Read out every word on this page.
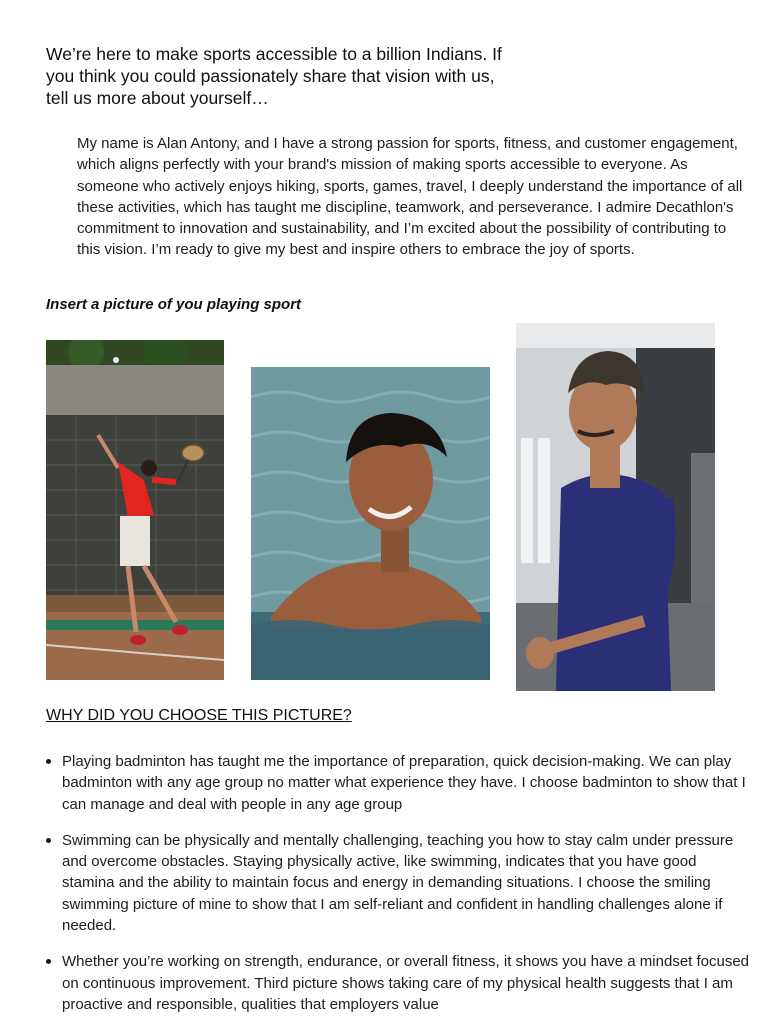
We’re here to make sports accessible to a billion Indians. If you think you could passionately share that vision with us, tell us more about yourself…
My name is Alan Antony, and I have a strong passion for sports, fitness, and customer engagement, which aligns perfectly with your brand's mission of making sports accessible to everyone. As someone who actively enjoys hiking, sports, games, travel, I deeply understand the importance of all these activities, which has taught me discipline, teamwork, and perseverance. I admire Decathlon's commitment to innovation and sustainability, and I’m excited about the possibility of contributing to this vision. I’m ready to give my best and inspire others to embrace the joy of sports.
Insert a picture of you playing sport
WHY DID YOU CHOOSE THIS PICTURE?
Playing badminton has taught me the importance of preparation, quick decision-making. We can play badminton with any age group no matter what experience they have. I choose badminton to show that I can manage and deal with people in any age group
Swimming can be physically and mentally challenging, teaching you how to stay calm under pressure and overcome obstacles. Staying physically active, like swimming, indicates that you have good stamina and the ability to maintain focus and energy in demanding situations. I choose the smiling swimming picture of mine to show that I am self-reliant and confident in handling challenges alone if needed.
Whether you’re working on strength, endurance, or overall fitness, it shows you have a mindset focused on continuous improvement. Third picture shows taking care of my physical health suggests that I am proactive and responsible, qualities that employers value
